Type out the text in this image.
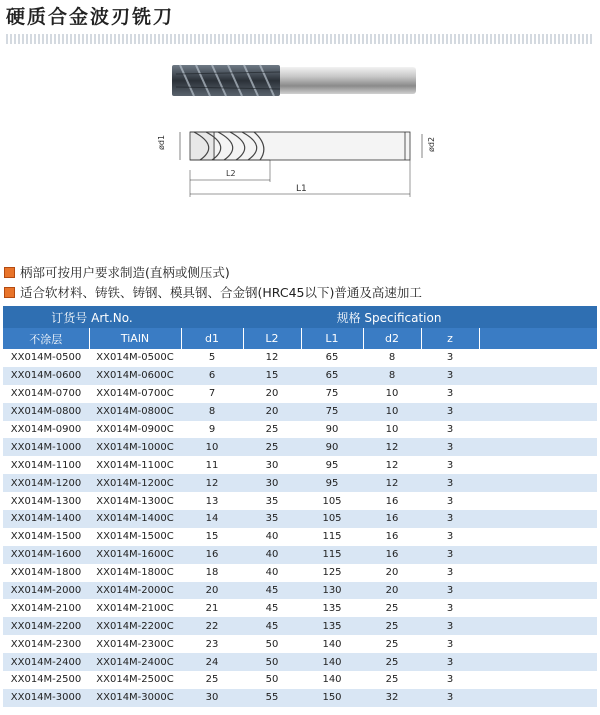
硬质合金波刃铣刀
ød1	ød2
L2
L1
柄部可按用户要求制造(直柄或侧压式)
适合软材料、铸铁、铸钢、模具钢、合金钢(HRC45以下)普通及高速加工
订货号 Art.No.		规格 Specification					
不涂层	TiAlN	d1	L2	L1	d2	z	
XX014M-0500	XX014M-0500C	5	12	65	8	3	
XX014M-0600	XX014M-0600C	6	15	65	8	3	
XX014M-0700	XX014M-0700C	7	20	75	10	3	
XX014M-0800	XX014M-0800C	8	20	75	10	3	
XX014M-0900	XX014M-0900C	9	25	90	10	3	
XX014M-1000	XX014M-1000C	10	25	90	12	3	
XX014M-1100	XX014M-1100C	11	30	95	12	3	
XX014M-1200	XX014M-1200C	12	30	95	12	3	
XX014M-1300	XX014M-1300C	13	35	105	16	3	
XX014M-1400	XX014M-1400C	14	35	105	16	3	
XX014M-1500	XX014M-1500C	15	40	115	16	3	
XX014M-1600	XX014M-1600C	16	40	115	16	3	
XX014M-1800	XX014M-1800C	18	40	125	20	3	
XX014M-2000	XX014M-2000C	20	45	130	20	3	
XX014M-2100	XX014M-2100C	21	45	135	25	3	
XX014M-2200	XX014M-2200C	22	45	135	25	3	
XX014M-2300	XX014M-2300C	23	50	140	25	3	
XX014M-2400	XX014M-2400C	24	50	140	25	3	
XX014M-2500	XX014M-2500C	25	50	140	25	3	
XX014M-3000	XX014M-3000C	30	55	150	32	3	
